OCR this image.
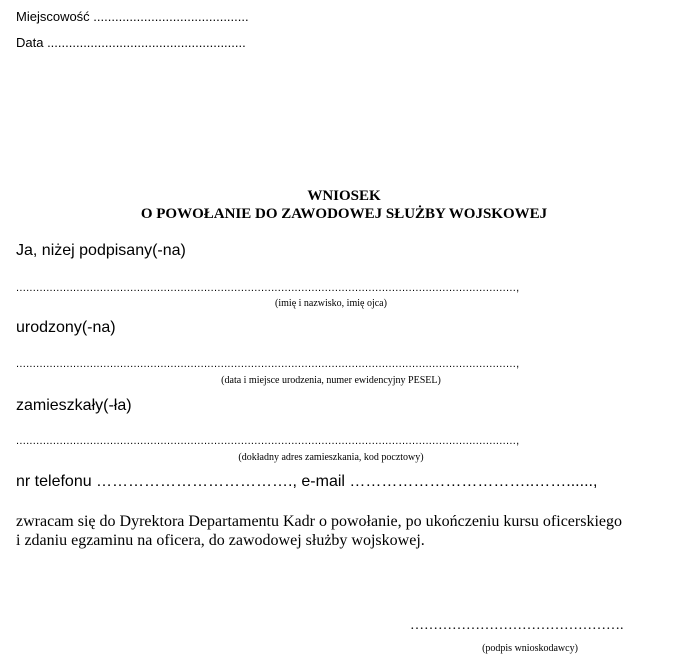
Miejscowość ...........................................
Data .......................................................
WNIOSEK
O POWOŁANIE DO ZAWODOWEJ SŁUŻBY WOJSKOWEJ
Ja, niżej podpisany(-na)
.....................................................................................................................................................,
(imię i nazwisko, imię ojca)
urodzony(-na)
.....................................................................................................................................................,
(data i miejsce urodzenia, numer ewidencyjny PESEL)
zamieszkały(-ła)
.....................................................................................................................................................,
(dokładny adres zamieszkania, kod pocztowy)
nr telefonu ………………………………., e-mail ……………………………..……......,
zwracam się do Dyrektora Departamentu Kadr o powołanie, po ukończeniu kursu oficerskiego
i zdaniu egzaminu na oficera, do zawodowej służby wojskowej.
……………………………………….
(podpis wnioskodawcy)
